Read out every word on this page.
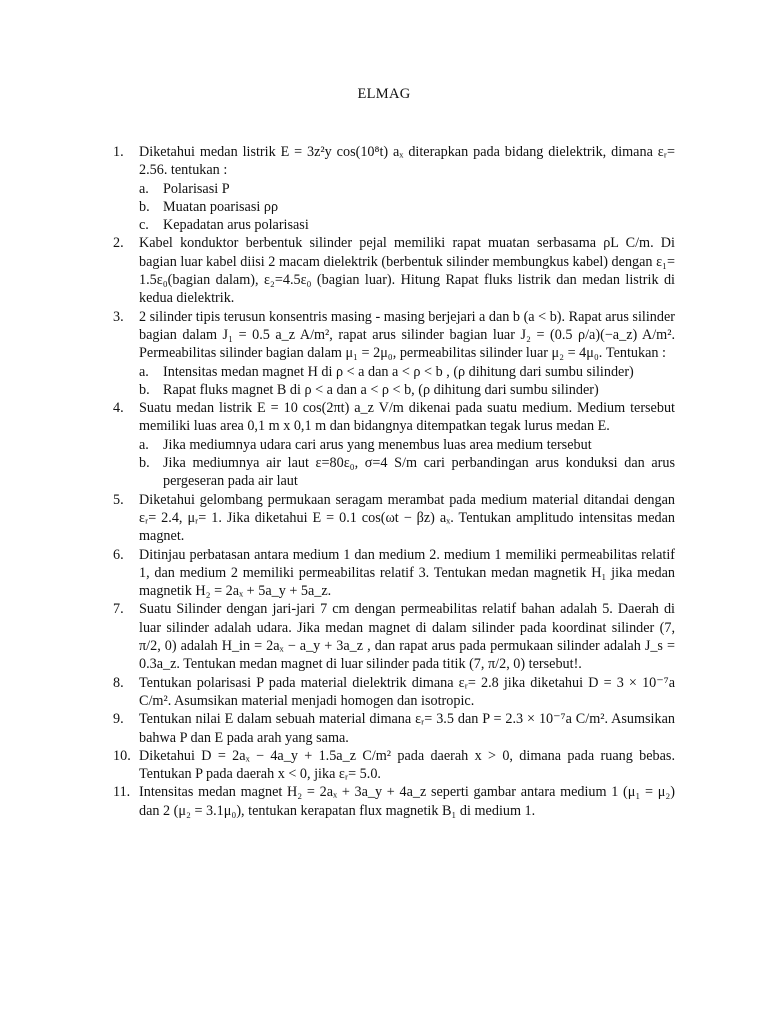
ELMAG
1. Diketahui medan listrik E = 3z²y cos(10⁸t) aₓ diterapkan pada bidang dielektrik, dimana εᵣ= 2.56. tentukan :
a. Polarisasi P
b. Muatan poarisasi ρρ
c. Kepadatan arus polarisasi
2. Kabel konduktor berbentuk silinder pejal memiliki rapat muatan serbasama ρL C/m. Di bagian luar kabel diisi 2 macam dielektrik (berbentuk silinder membungkus kabel) dengan ε₁= 1.5ε₀(bagian dalam), ε₂=4.5ε₀ (bagian luar). Hitung Rapat fluks listrik dan medan listrik di kedua dielektrik.
3. 2 silinder tipis terusun konsentris masing - masing berjejari a dan b (a < b). Rapat arus silinder bagian dalam J₁ = 0.5 a_z A/m², rapat arus silinder bagian luar J₂ = (0.5 ρ/a)(−a_z) A/m². Permeabilitas silinder bagian dalam μ₁ = 2μ₀, permeabilitas silinder luar μ₂ = 4μ₀. Tentukan :
a. Intensitas medan magnet H di ρ < a dan a < ρ < b , (ρ dihitung dari sumbu silinder)
b. Rapat fluks magnet B di ρ < a dan a < ρ < b, (ρ dihitung dari sumbu silinder)
4. Suatu medan listrik E = 10 cos(2πt) a_z V/m dikenai pada suatu medium. Medium tersebut memiliki luas area 0,1 m x 0,1 m dan bidangnya ditempatkan tegak lurus medan E.
a. Jika mediumnya udara cari arus yang menembus luas area medium tersebut
b. Jika mediumnya air laut ε=80ε₀, σ=4 S/m cari perbandingan arus konduksi dan arus pergeseran pada air laut
5. Diketahui gelombang permukaan seragam merambat pada medium material ditandai dengan εᵣ= 2.4, μᵣ= 1. Jika diketahui E = 0.1 cos(ωt − βz) aₓ. Tentukan amplitudo intensitas medan magnet.
6. Ditinjau perbatasan antara medium 1 dan medium 2. medium 1 memiliki permeabilitas relatif 1, dan medium 2 memiliki permeabilitas relatif 3. Tentukan medan magnetik H₁ jika medan magnetik H₂ = 2aₓ + 5a_y + 5a_z.
7. Suatu Silinder dengan jari-jari 7 cm dengan permeabilitas relatif bahan adalah 5. Daerah di luar silinder adalah udara. Jika medan magnet di dalam silinder pada koordinat silinder (7, π/2, 0) adalah H_in = 2aₓ − a_y + 3a_z , dan rapat arus pada permukaan silinder adalah J_s = 0.3a_z. Tentukan medan magnet di luar silinder pada titik (7, π/2, 0) tersebut!.
8. Tentukan polarisasi P pada material dielektrik dimana εᵣ= 2.8 jika diketahui D = 3 × 10⁻⁷a C/m². Asumsikan material menjadi homogen dan isotropic.
9. Tentukan nilai E dalam sebuah material dimana εᵣ= 3.5 dan P = 2.3 × 10⁻⁷a C/m². Asumsikan bahwa P dan E pada arah yang sama.
10. Diketahui D = 2aₓ − 4a_y + 1.5a_z C/m² pada daerah x > 0, dimana pada ruang bebas. Tentukan P pada daerah x < 0, jika εᵣ= 5.0.
11. Intensitas medan magnet H₂ = 2aₓ + 3a_y + 4a_z seperti gambar antara medium 1 (μ₁ = μ₂) dan 2 (μ₂ = 3.1μ₀), tentukan kerapatan flux magnetik B₁ di medium 1.
